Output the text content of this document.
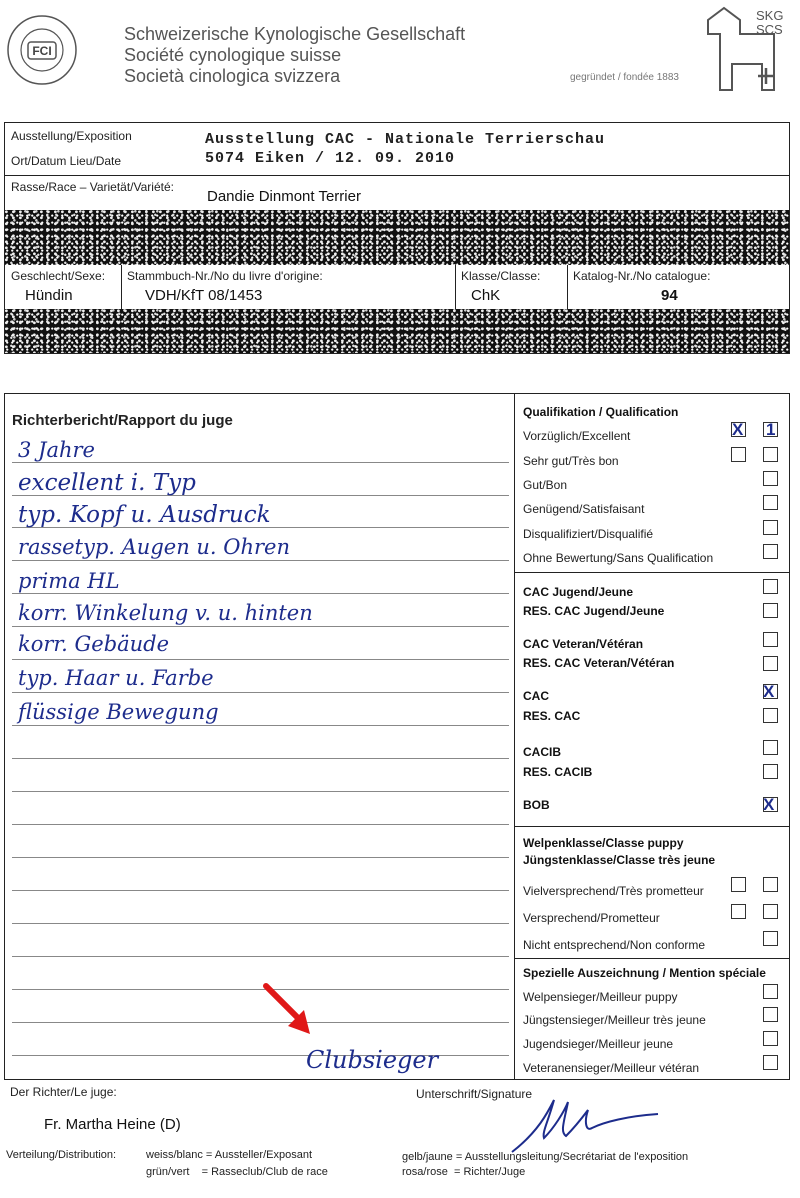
FCI
Schweizerische Kynologische Gesellschaft
Société cynologique suisse
Società cinologica svizzera
SKG
SCS
gegründet / fondée 1883
Ausstellung/Exposition	Ausstellung CAC - Nationale Terrierschau
Ort/Datum Lieu/Date	5074 Eiken / 12. 09. 2010
Rasse/Race – Varietät/Variété:
Dandie Dinmont Terrier
Geschlecht/Sexe:
Hündin
Stammbuch-Nr./No du livre d'origine:
VDH/KfT 08/1453
Klasse/Classe:
ChK
Katalog-Nr./No catalogue:
94
Richterbericht/Rapport du juge
3 Jahre
excellent i. Typ
typ. Kopf u. Ausdruck
rassetyp. Augen u. Ohren
prima HL
korr. Winkelung v. u. hinten
korr. Gebäude
typ. Haar u. Farbe
flüssige Bewegung
Clubsieger
Qualifikation / Qualification
Vorzüglich/Excellent	X 1
Sehr gut/Très bon
Gut/Bon
Genügend/Satisfaisant
Disqualifiziert/Disqualifié
Ohne Bewertung/Sans Qualification
CAC Jugend/Jeune
RES. CAC Jugend/Jeune
CAC Veteran/Vétéran
RES. CAC Veteran/Vétéran
CAC	X
RES. CAC
CACIB
RES. CACIB
BOB	X
Welpenklasse/Classe puppy
Jüngstenklasse/Classe très jeune
Vielversprechend/Très prometteur
Versprechend/Prometteur
Nicht entsprechend/Non conforme
Spezielle Auszeichnung / Mention spéciale
Welpensieger/Meilleur puppy
Jüngstensieger/Meilleur très jeune
Jugendsieger/Meilleur jeune
Veteranensieger/Meilleur vétéran
Der Richter/Le juge:
Fr. Martha Heine (D)
Unterschrift/Signature
Verteilung/Distribution:	weiss/blanc = Aussteller/Exposant
grün/vert    = Rasseclub/Club de race
gelb/jaune = Ausstellungsleitung/Secrétariat de l'exposition
rosa/rose  = Richter/Juge
